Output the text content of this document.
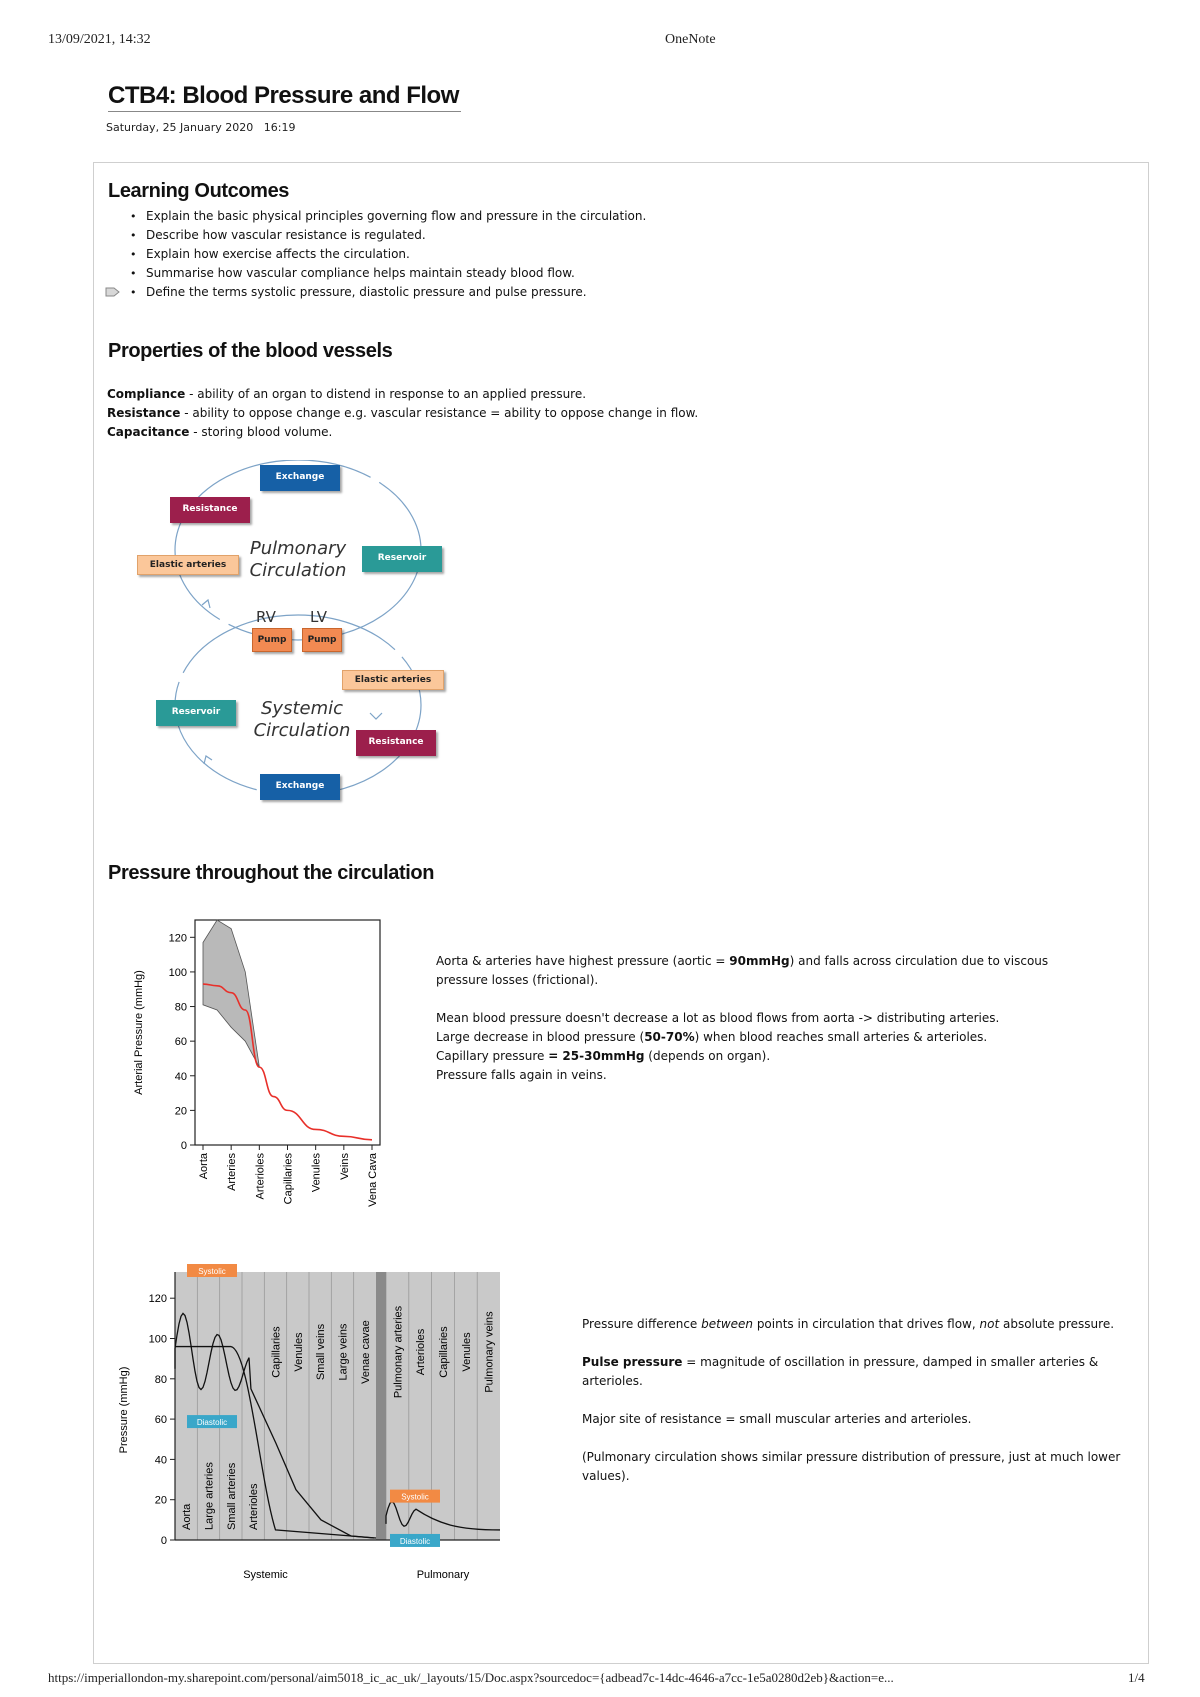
13/09/2021, 14:32	OneNote
CTB4: Blood Pressure and Flow
Saturday, 25 January 2020 16:19
Learning Outcomes
• Explain the basic physical principles governing flow and pressure in the circulation.
• Describe how vascular resistance is regulated.
• Explain how exercise affects the circulation.
• Summarise how vascular compliance helps maintain steady blood flow.
• Define the terms systolic pressure, diastolic pressure and pulse pressure.
Properties of the blood vessels
Compliance - ability of an organ to distend in response to an applied pressure.
Resistance - ability to oppose change e.g. vascular resistance = ability to oppose change in flow.
Capacitance - storing blood volume.
Exchange
Resistance
Elastic arteries
Reservoir
Pulmonary
Circulation
RV LV
Pump	Pump
Elastic arteries
Reservoir	Systemic
Circulation
Resistance
Exchange
Pressure throughout the circulation
0
20
40
60
80
100
120
Arterial Pressure (mmHg)
Aorta Arteries Arterioles Capillaries Venules Veins Vena Cava
Aorta & arteries have highest pressure (aortic = 90mmHg) and falls across circulation due to viscous pressure losses (frictional).
Mean blood pressure doesn't decrease a lot as blood flows from aorta -> distributing arteries.
Large decrease in blood pressure (50-70%) when blood reaches small arteries & arterioles.
Capillary pressure = 25-30mmHg (depends on organ).
Pressure falls again in veins.
0
20
40
60
80
100
120
Pressure (mmHg)
Aorta Large arteries Small arteries Arterioles
Capillaries Venules Small veins Large veins Venae cavae Pulmonary arteries Arterioles Capillaries Venules Pulmonary veins
Systolic
Diastolic
Systolic
Diastolic
Systemic	Pulmonary
Pressure difference between points in circulation that drives flow, not absolute pressure.
Pulse pressure = magnitude of oscillation in pressure, damped in smaller arteries & arterioles.
Major site of resistance = small muscular arteries and arterioles.
(Pulmonary circulation shows similar pressure distribution of pressure, just at much lower values).
https://imperiallondon-my.sharepoint.com/personal/aim5018_ic_ac_uk/_layouts/15/Doc.aspx?sourcedoc={adbead7c-14dc-4646-a7cc-1e5a0280d2eb}&action=e...	1/4
